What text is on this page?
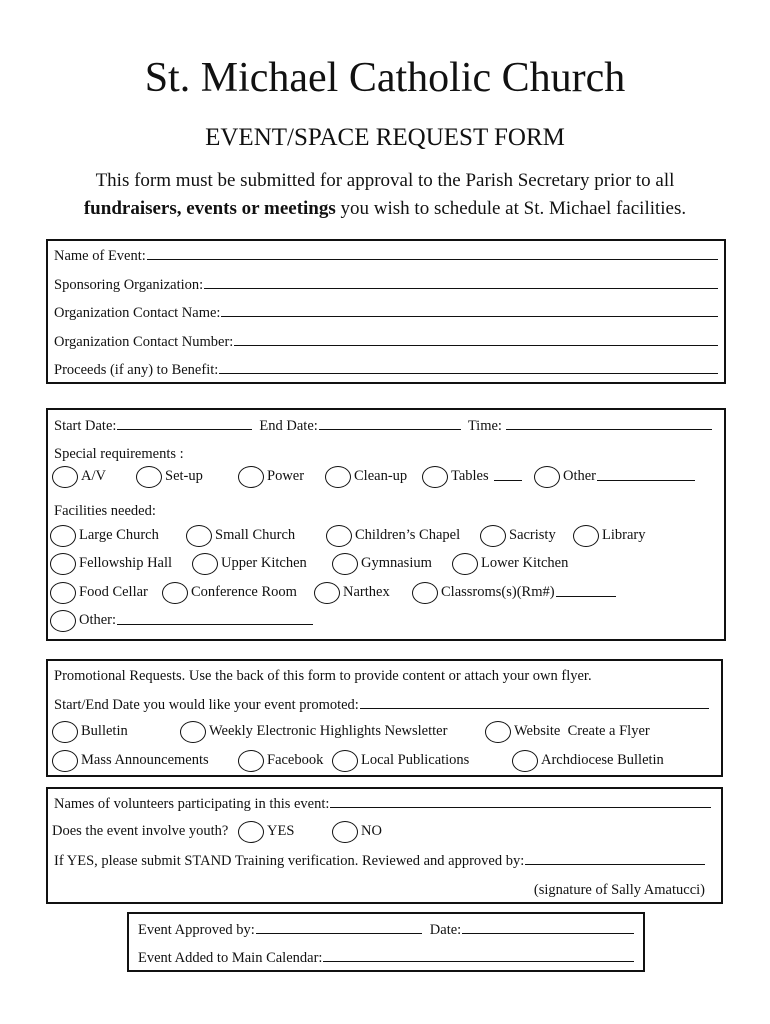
St. Michael Catholic Church
EVENT/SPACE REQUEST FORM
This form must be submitted for approval to the Parish Secretary prior to all
fundraisers, events or meetings you wish to schedule at St. Michael facilities.
Name of Event:
Sponsoring Organization:
Organization Contact Name:
Organization Contact Number:
Proceeds (if any) to Benefit:
Start Date:	End Date:	Time:
Special requirements :
A/V	Set-up	Power	Clean-up	Tables	Other
Facilities needed:
Large Church	Small Church	Children’s Chapel	Sacristy	Library
Fellowship Hall	Upper Kitchen	Gymnasium	Lower Kitchen
Food Cellar	Conference Room	Narthex	Classroms(s)(Rm#)
Other:
Promotional Requests. Use the back of this form to provide content or attach your own flyer.
Start/End Date you would like your event promoted:
Bulletin	Weekly Electronic Highlights Newsletter	Website  Create a Flyer
Mass Announcements	Facebook	Local Publications	Archdiocese Bulletin
Names of volunteers participating in this event:
Does the event involve youth?	YES	NO
If YES, please submit STAND Training verification. Reviewed and approved by:
(signature of Sally Amatucci)
Event Approved by:	Date:
Event Added to Main Calendar:
